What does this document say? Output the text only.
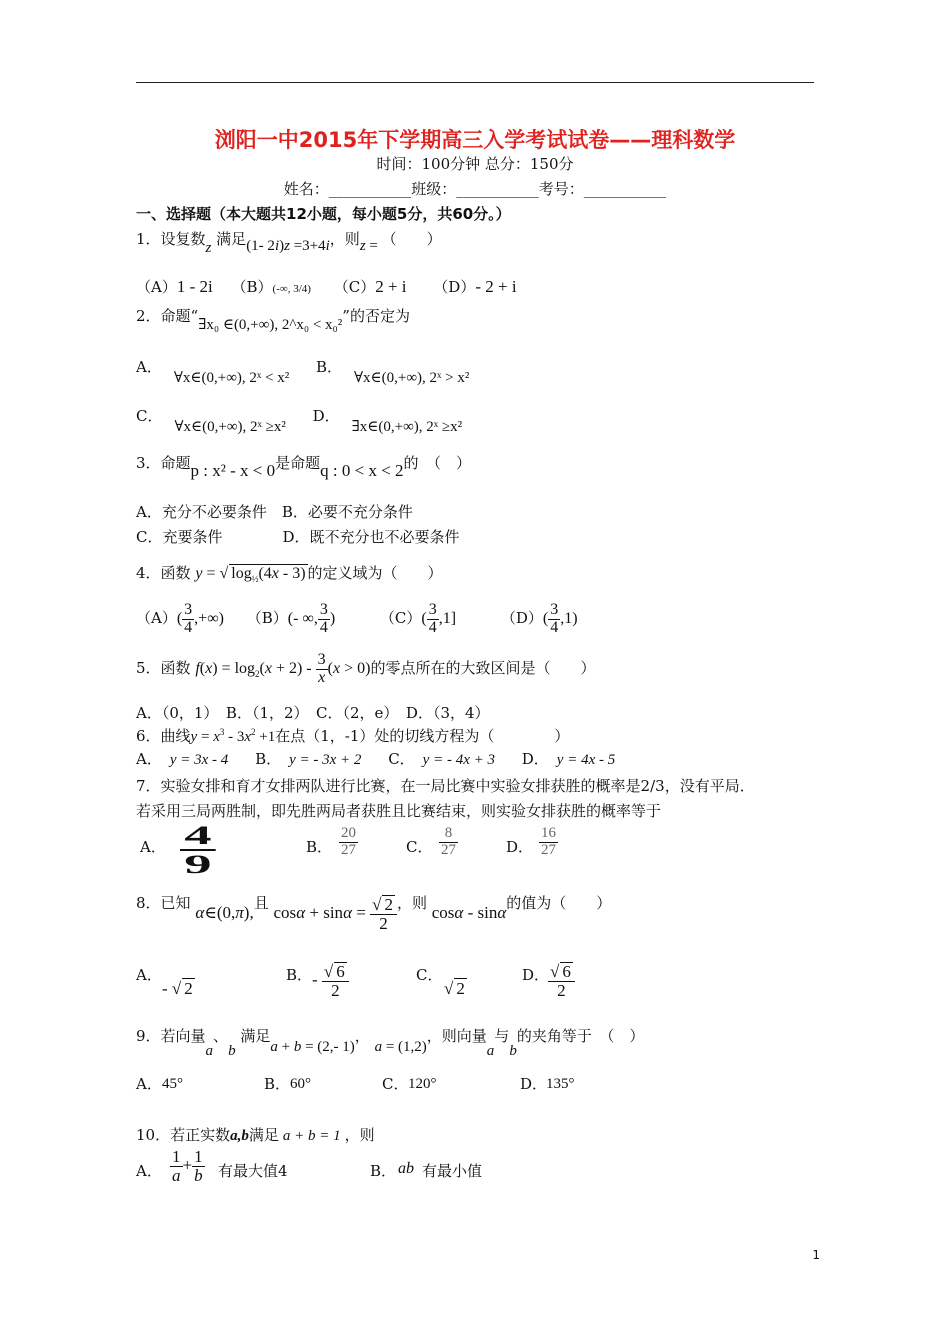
浏阳一中2015年下学期高三入学考试试卷——理科数学
时间：100分钟 总分：150分
姓名：___________班级：___________考号：___________
一、选择题（本大题共12小题，每小题5分，共60分。）
1．设复数z 满足(1- 2i)z =3+4i，则z = （　　）
（A）1 - 2i （B）(-∞, 3/4) （C）2 + i （D）- 2 + i
2．命题“∃x₀ ∈(0,+∞), 2^x₀ < x₀²”的否定为
A．∀x∈(0,+∞), 2ˣ < x² B．∀x∈(0,+∞), 2ˣ > x²
C．∀x∈(0,+∞), 2ˣ ≥x² D．∃x∈(0,+∞), 2ˣ ≥x²
3．命题p : x² - x < 0是命题q : 0 < x < 2的　（　）
A．充分不必要条件　B．必要不充分条件
C．充要条件　　　　D．既不充分也不必要条件
4．函数 y = √ $\log_{\frac{1}{2}}(4x - 3)$ 的定义域为（　　）
$(A)( \frac{3}{4}$ ,+∞) （B）(- ∞, $\frac{3}{4}$ )	$(C)( \frac{3}{4} ,1]$	$(D)( \frac{3}{4} ,1)$
5．函数 $f(x) = \log_2(x + 2) - \frac{3}{x} (x > 0)$的零点所在的大致区间是（　　）
A．（0，1）　B．（1，2）　C．（2，e）　D．（3，4）
6．曲线$y = x^3 - 3x^2 +1$在点（1，-1）处的切线方程为（　　　　）
A． y = 3x - 4 B． y = - 3x + 2 C． y = - 4x + 3 D． y = 4x - 5
7．实验女排和育才女排两队进行比赛，在一局比赛中实验女排获胜的概率是2/3，没有平局．
若采用三局两胜制，即先胜两局者获胜且比赛结束，则实验女排获胜的概率等于
A． $\frac{4}{9}$	B． $\frac{20}{27}$	C． $\frac{8}{27}$	D． $\frac{16}{27}$
8．已知 α∈(0,π),且 $\cos\alpha + \sin\alpha = \frac{√ 2}{2}$ ，则 cosα - sinα的值为（　　）
A．
- √ 2
B． - $\frac{√ 6}{2}$	C．
√ 2
D．
$\frac{√ 6}{2}$
9．若向量a、b 满足a + b = (2,- 1)， a = (1,2)，则向量a与b的夹角等于　（　）
A． 45°	B． 60°	C． 120°	D．
135°
10．若正实数a,b满足 a + b = 1 ，则
A． $\frac{1}{a} + \frac{1}{b}$ 有最大值4	B． ab 有最小值
1
